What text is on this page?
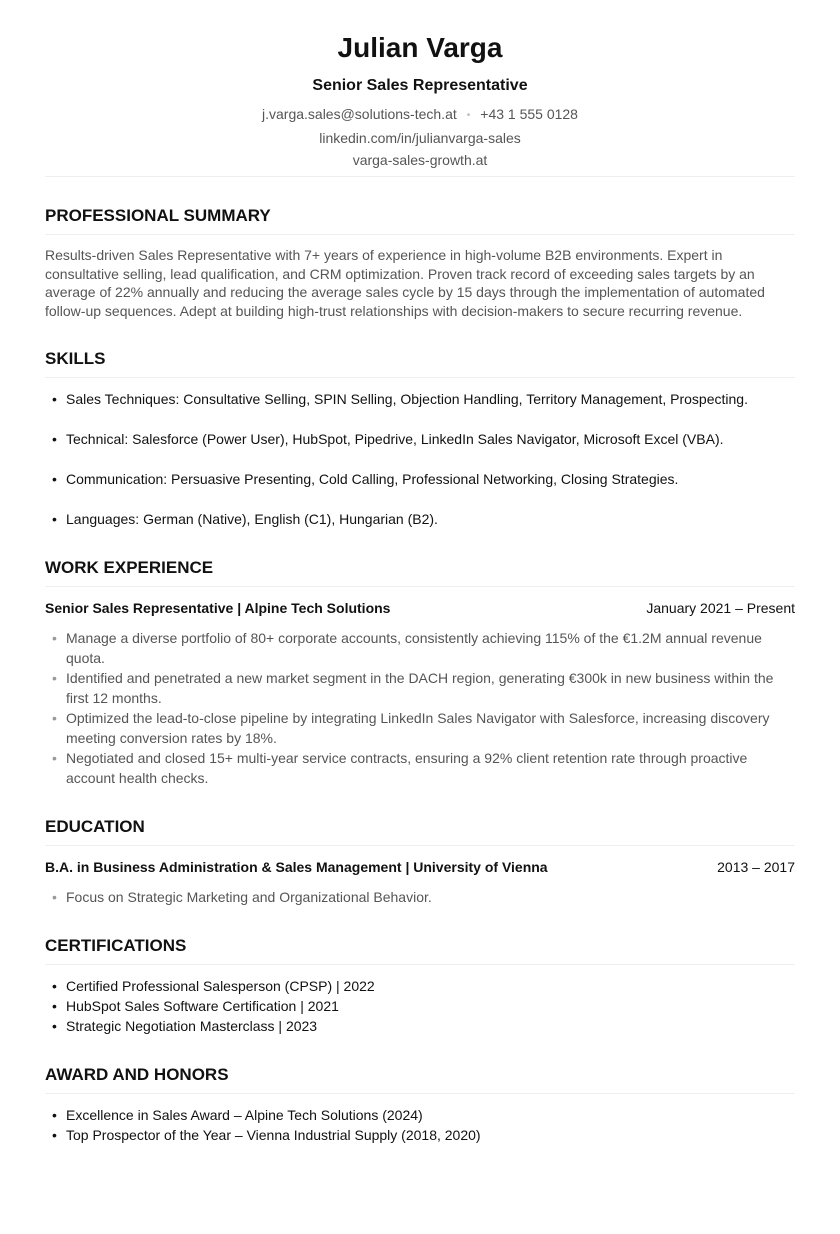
Julian Varga
Senior Sales Representative
j.varga.sales@solutions-tech.at • +43 1 555 0128
linkedin.com/in/julianvarga-sales
varga-sales-growth.at
PROFESSIONAL SUMMARY
Results-driven Sales Representative with 7+ years of experience in high-volume B2B environments. Expert in consultative selling, lead qualification, and CRM optimization. Proven track record of exceeding sales targets by an average of 22% annually and reducing the average sales cycle by 15 days through the implementation of automated follow-up sequences. Adept at building high-trust relationships with decision-makers to secure recurring revenue.
SKILLS
• Sales Techniques: Consultative Selling, SPIN Selling, Objection Handling, Territory Management, Prospecting.
• Technical: Salesforce (Power User), HubSpot, Pipedrive, LinkedIn Sales Navigator, Microsoft Excel (VBA).
• Communication: Persuasive Presenting, Cold Calling, Professional Networking, Closing Strategies.
• Languages: German (Native), English (C1), Hungarian (B2).
WORK EXPERIENCE
Senior Sales Representative | Alpine Tech Solutions	January 2021 – Present
• Manage a diverse portfolio of 80+ corporate accounts, consistently achieving 115% of the €1.2M annual revenue quota.
• Identified and penetrated a new market segment in the DACH region, generating €300k in new business within the first 12 months.
• Optimized the lead-to-close pipeline by integrating LinkedIn Sales Navigator with Salesforce, increasing discovery meeting conversion rates by 18%.
• Negotiated and closed 15+ multi-year service contracts, ensuring a 92% client retention rate through proactive account health checks.
EDUCATION
B.A. in Business Administration & Sales Management | University of Vienna	2013 – 2017
• Focus on Strategic Marketing and Organizational Behavior.
CERTIFICATIONS
• Certified Professional Salesperson (CPSP) | 2022
• HubSpot Sales Software Certification | 2021
• Strategic Negotiation Masterclass | 2023
AWARD AND HONORS
• Excellence in Sales Award – Alpine Tech Solutions (2024)
• Top Prospector of the Year – Vienna Industrial Supply (2018, 2020)
